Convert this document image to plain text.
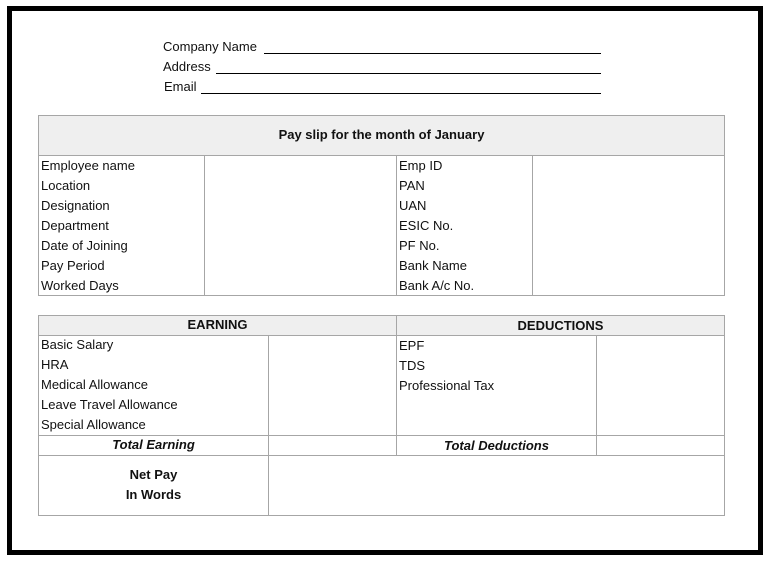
Company Name
Address
Email
Pay slip for the month of January
Employee name
Location
Designation
Department
Date of Joining
Pay Period
Worked Days
Emp ID
PAN
UAN
ESIC No.
PF No.
Bank Name
Bank A/c No.
EARNING	DEDUCTIONS
Basic Salary
HRA
Medical Allowance
Leave Travel Allowance
Special Allowance
EPF
TDS
Professional Tax
Total Earning	Total Deductions
Net Pay
In Words
